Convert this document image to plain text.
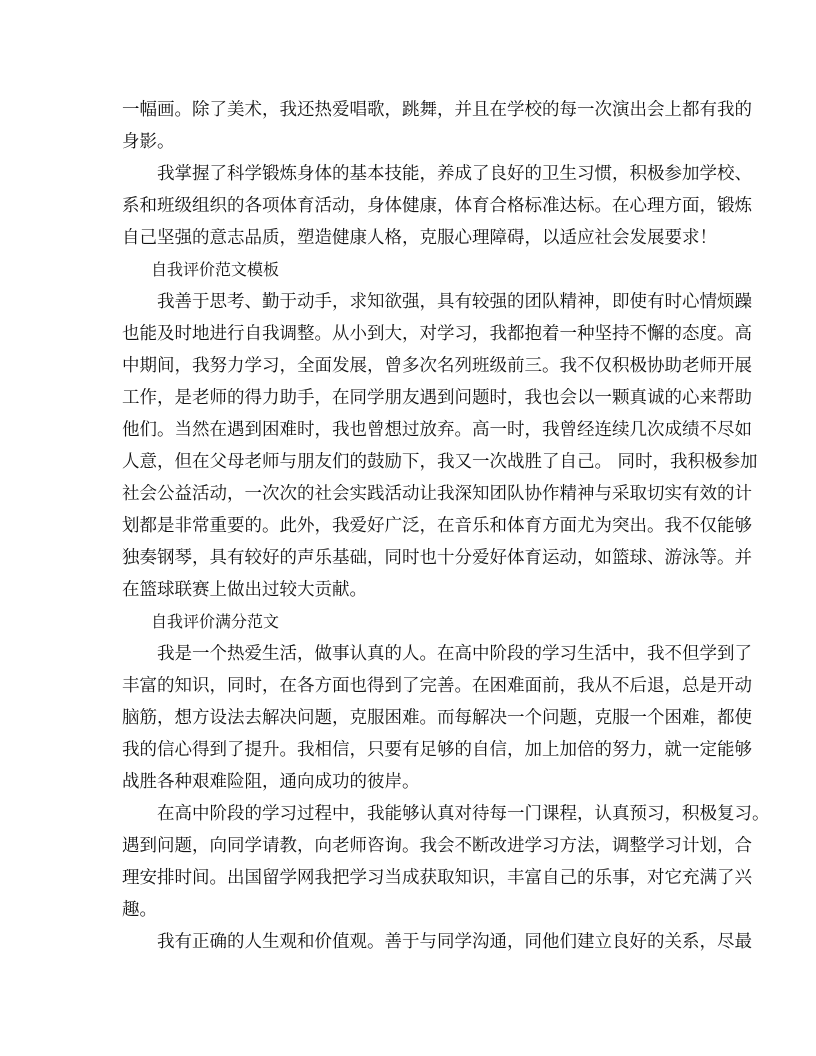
一幅画。除了美术，我还热爱唱歌，跳舞，并且在学校的每一次演出会上都有我的
身影。
我掌握了科学锻炼身体的基本技能，养成了良好的卫生习惯，积极参加学校、
系和班级组织的各项体育活动，身体健康，体育合格标准达标。在心理方面，锻炼
自己坚强的意志品质，塑造健康人格，克服心理障碍，以适应社会发展要求！
自我评价范文模板
我善于思考、勤于动手，求知欲强，具有较强的团队精神，即使有时心情烦躁
也能及时地进行自我调整。从小到大，对学习，我都抱着一种坚持不懈的态度。高
中期间，我努力学习，全面发展，曾多次名列班级前三。我不仅积极协助老师开展
工作，是老师的得力助手，在同学朋友遇到问题时，我也会以一颗真诚的心来帮助
他们。当然在遇到困难时，我也曾想过放弃。高一时，我曾经连续几次成绩不尽如
人意，但在父母老师与朋友们的鼓励下，我又一次战胜了自己。 同时，我积极参加
社会公益活动，一次次的社会实践活动让我深知团队协作精神与采取切实有效的计
划都是非常重要的。此外，我爱好广泛，在音乐和体育方面尤为突出。我不仅能够
独奏钢琴，具有较好的声乐基础，同时也十分爱好体育运动，如篮球、游泳等。并
在篮球联赛上做出过较大贡献。
自我评价满分范文
我是一个热爱生活，做事认真的人。在高中阶段的学习生活中，我不但学到了
丰富的知识，同时，在各方面也得到了完善。在困难面前，我从不后退，总是开动
脑筋，想方设法去解决问题，克服困难。而每解决一个问题，克服一个困难，都使
我的信心得到了提升。我相信，只要有足够的自信，加上加倍的努力，就一定能够
战胜各种艰难险阻，通向成功的彼岸。
在高中阶段的学习过程中，我能够认真对待每一门课程，认真预习，积极复习。
遇到问题，向同学请教，向老师咨询。我会不断改进学习方法，调整学习计划，合
理安排时间。出国留学网我把学习当成获取知识，丰富自己的乐事，对它充满了兴
趣。
我有正确的人生观和价值观。善于与同学沟通，同他们建立良好的关系，尽最
